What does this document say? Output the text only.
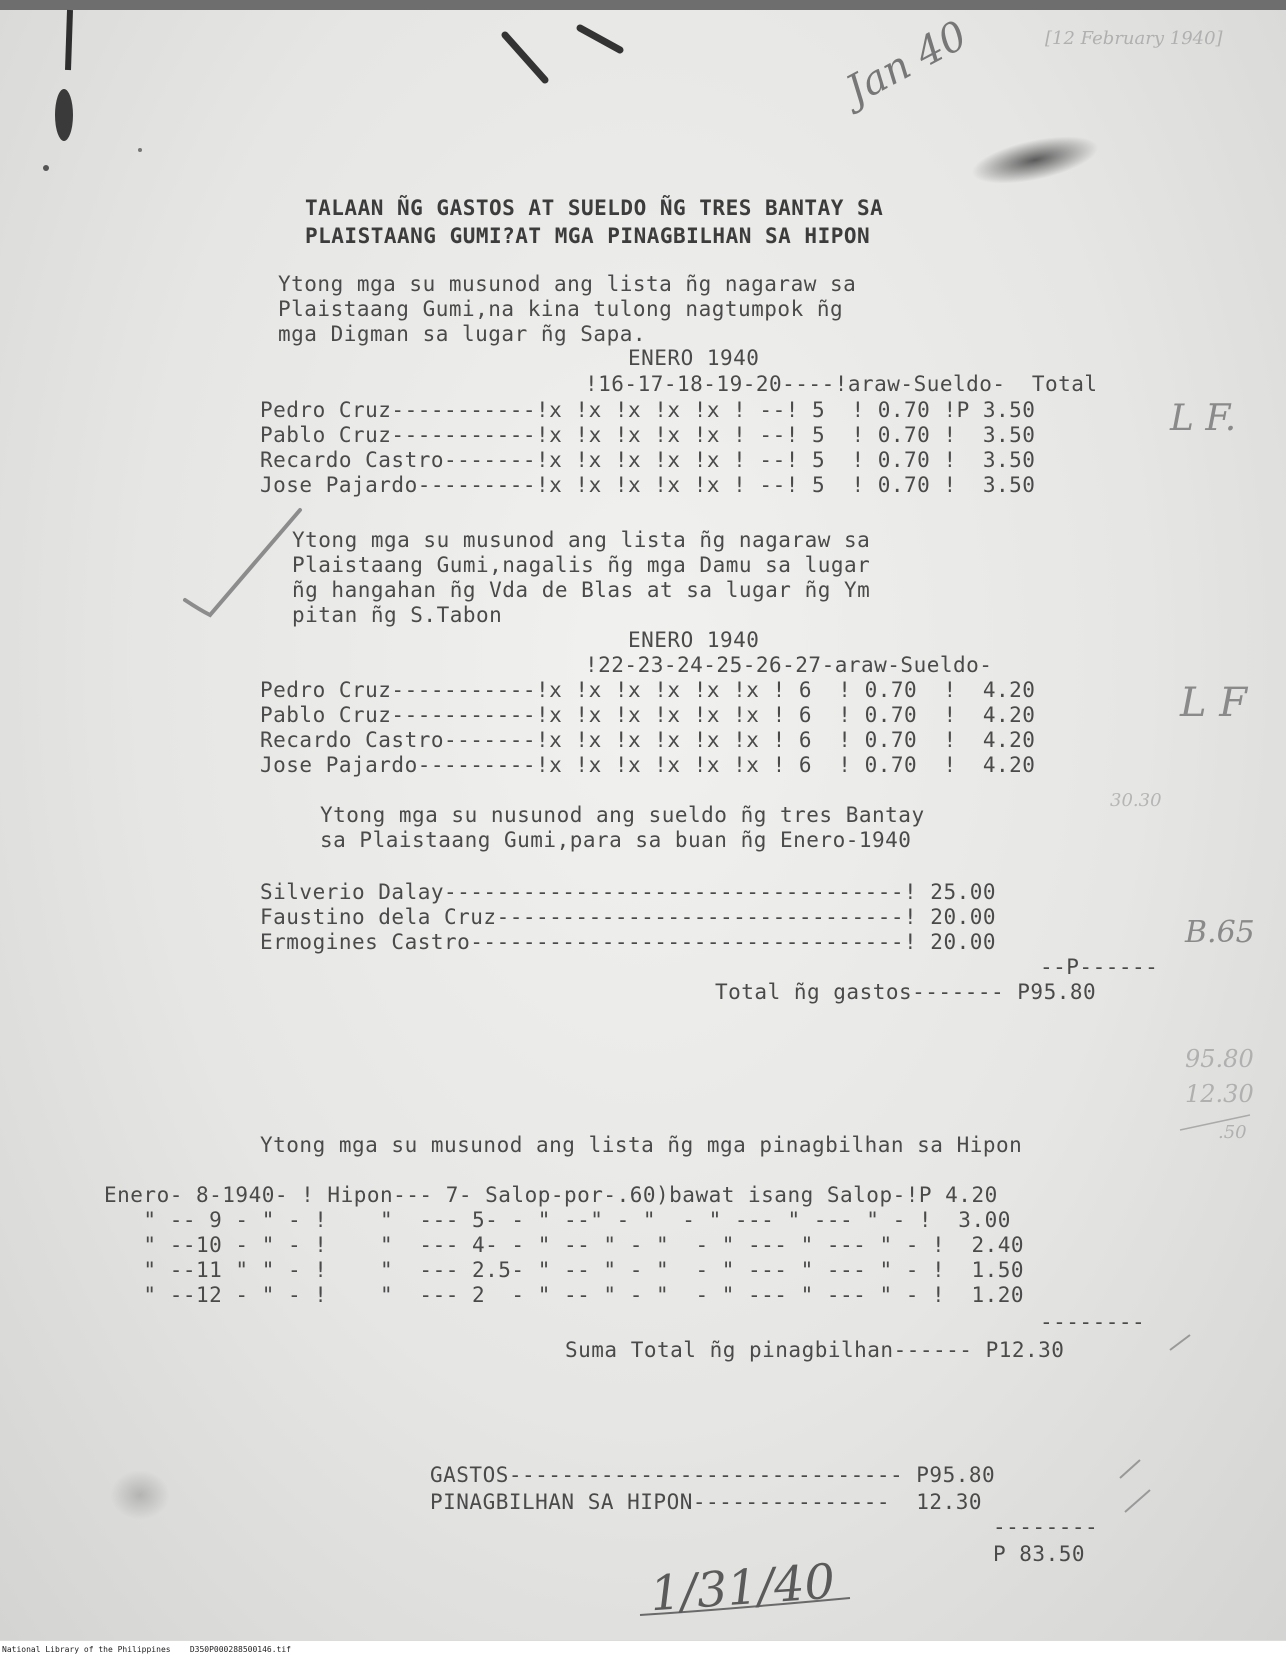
Jan 40	[12 February 1940]
TALAAN ÑG GASTOS AT SUELDO ÑG TRES BANTAY SA
PLAISTAANG GUMI?AT MGA PINAGBILHAN SA HIPON
Ytong mga su musunod ang lista ñg nagaraw sa
Plaistaang Gumi,na kina tulong nagtumpok ñg
mga Digman sa lugar ñg Sapa.
ENERO 1940
!16-17-18-19-20----!araw-Sueldo-  Total
Pedro Cruz-----------!x !x !x !x !x ! --! 5  ! 0.70 !P 3.50
Pablo Cruz-----------!x !x !x !x !x ! --! 5  ! 0.70 !  3.50
Recardo Castro-------!x !x !x !x !x ! --! 5  ! 0.70 !  3.50
Jose Pajardo---------!x !x !x !x !x ! --! 5  ! 0.70 !  3.50
L F.
Ytong mga su musunod ang lista ñg nagaraw sa
Plaistaang Gumi,nagalis ñg mga Damu sa lugar
ñg hangahan ñg Vda de Blas at sa lugar ñg Ym
pitan ñg S.Tabon
ENERO 1940
!22-23-24-25-26-27-araw-Sueldo-
Pedro Cruz-----------!x !x !x !x !x !x ! 6  ! 0.70  !  4.20
Pablo Cruz-----------!x !x !x !x !x !x ! 6  ! 0.70  !  4.20
Recardo Castro-------!x !x !x !x !x !x ! 6  ! 0.70  !  4.20
Jose Pajardo---------!x !x !x !x !x !x ! 6  ! 0.70  !  4.20
L F
30.30
Ytong mga su nusunod ang sueldo ñg tres Bantay
sa Plaistaang Gumi,para sa buan ñg Enero-1940
Silverio Dalay-----------------------------------! 25.00
Faustino dela Cruz-------------------------------! 20.00
Ermogines Castro---------------------------------! 20.00
--P------
Total ñg gastos------- P95.80
B.65
95.80
12.30
.50
Ytong mga su musunod ang lista ñg mga pinagbilhan sa Hipon
Enero- 8-1940- ! Hipon--- 7- Salop-por-.60)bawat isang Salop-!P 4.20
" -- 9 - " - !    "  --- 5- - " --" - "  - " --- " --- " - !  3.00
" --10 - " - !    "  --- 4- - " -- " - "  - " --- " --- " - !  2.40
" --11 " " - !    "  --- 2.5- " -- " - "  - " --- " --- " - !  1.50
" --12 - " - !    "  --- 2  - " -- " - "  - " --- " --- " - !  1.20
--------
Suma Total ñg pinagbilhan------ P12.30
GASTOS------------------------------ P95.80
PINAGBILHAN SA HIPON---------------  12.30
--------
P 83.50
1/31/40
National Library of the Philippines    D350P000288500146.tif
